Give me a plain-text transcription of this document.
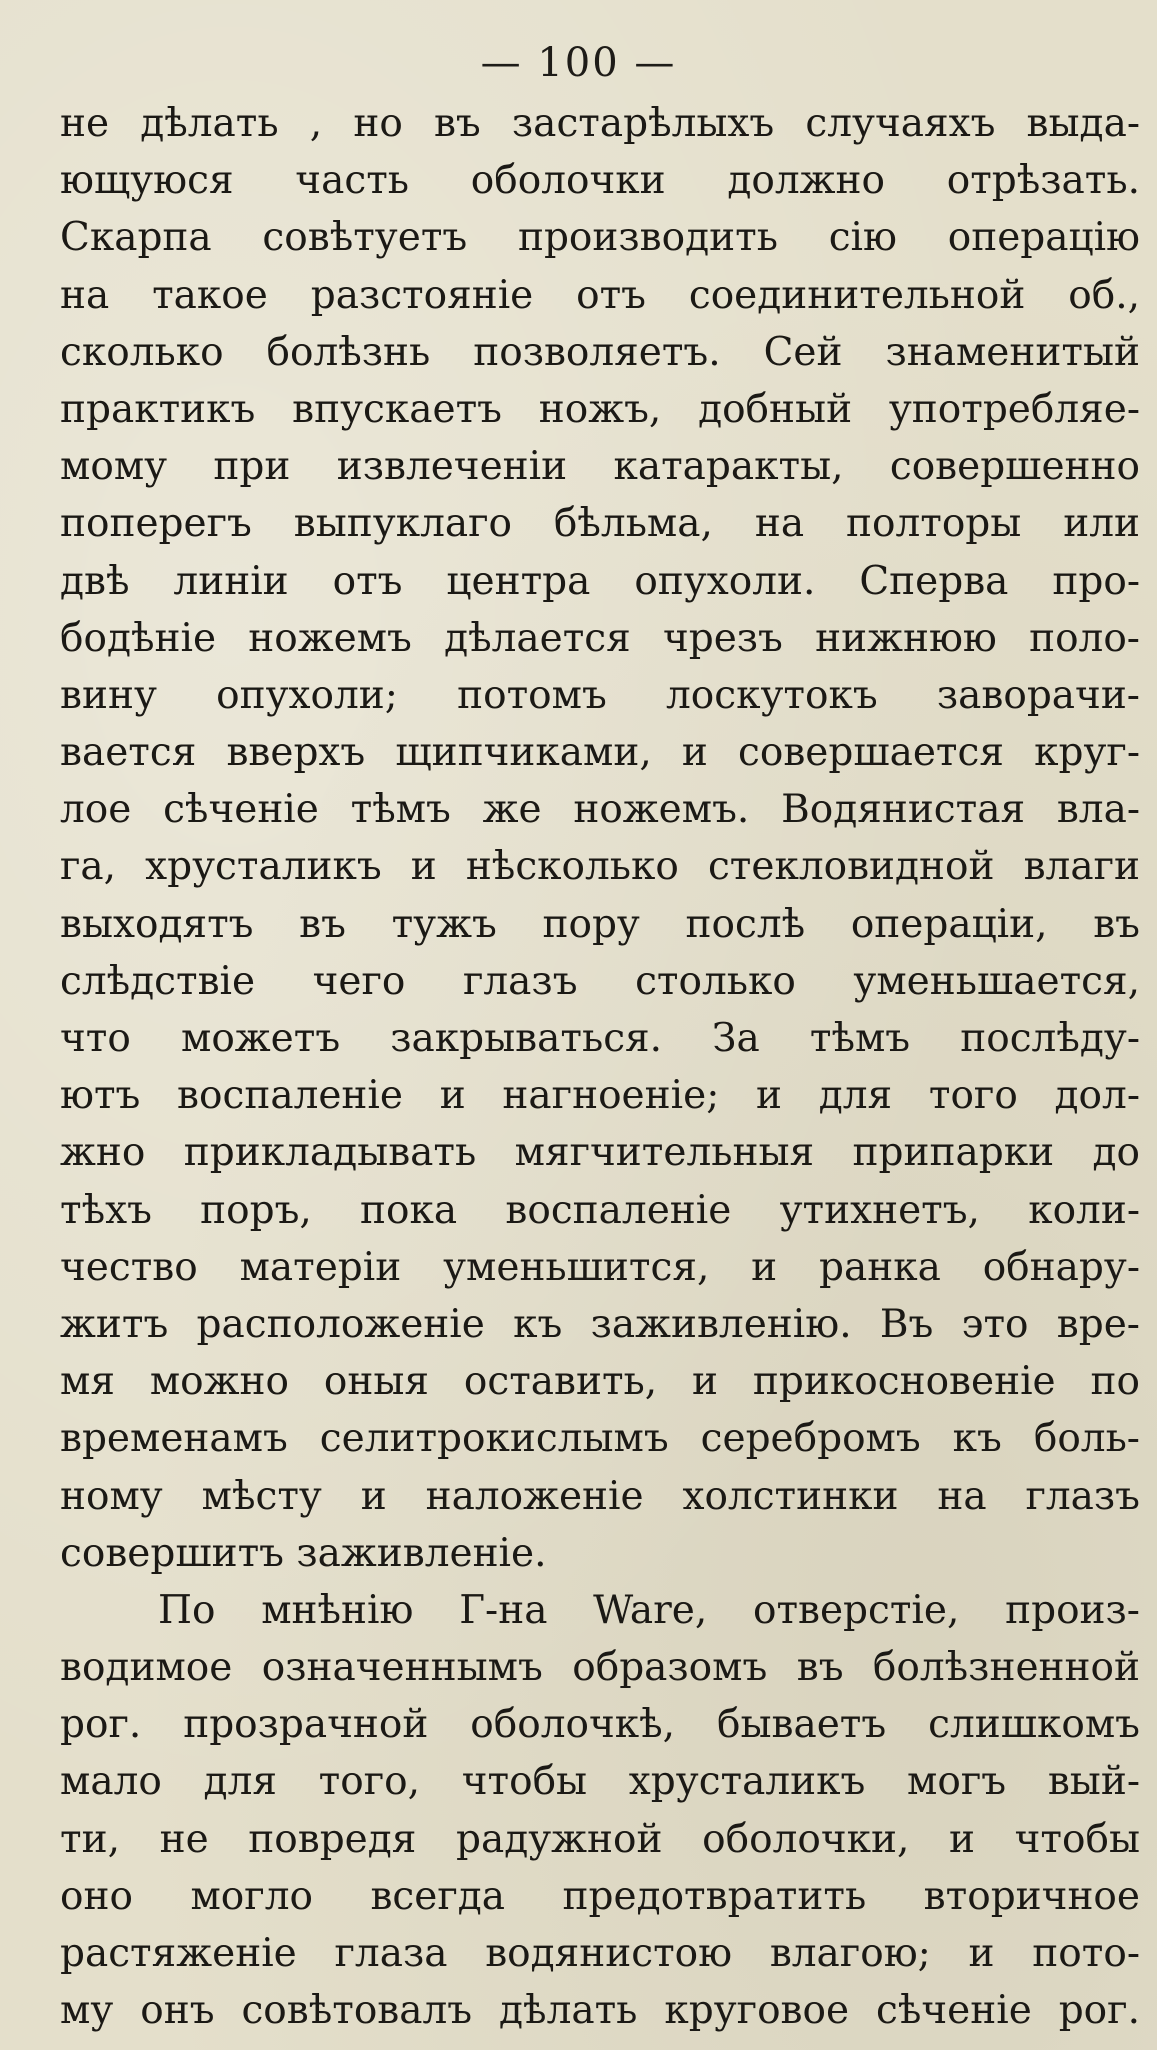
— 100 —
не дѣлать , но въ застарѣлыхъ случаяхъ выда-
ющуюся часть оболочки должно отрѣзать.
Скарпа совѣтуетъ производить сію операцію
на такое разстояніе отъ соединительной об.,
сколько болѣзнь позволяетъ. Сей знаменитый
практикъ впускаетъ ножъ, добный употребляе-
мому при извлеченіи катаракты, совершенно
поперегъ выпуклаго бѣльма, на полторы или
двѣ линіи отъ центра опухоли. Сперва про-
бодѣніе ножемъ дѣлается чрезъ нижнюю поло-
вину опухоли; потомъ лоскутокъ заворачи-
вается вверхъ щипчиками, и совершается круг-
лое сѣченіе тѣмъ же ножемъ. Водянистая вла-
га, хрусталикъ и нѣсколько стекловидной влаги
выходятъ въ тужъ пору послѣ операціи, въ
слѣдствіе чего глазъ столько уменьшается,
что можетъ закрываться. За тѣмъ послѣду-
ютъ воспаленіе и нагноеніе; и для того дол-
жно прикладывать мягчительныя припарки до
тѣхъ поръ, пока воспаленіе утихнетъ, коли-
чество матеріи уменьшится, и ранка обнару-
житъ расположеніе къ заживленію. Въ это вре-
мя можно оныя оставить, и прикосновеніе по
временамъ селитрокислымъ серебромъ къ боль-
ному мѣсту и наложеніе холстинки на глазъ
совершитъ заживленіе.
По мнѣнію Г-на Ware, отверстіе, произ-
водимое означеннымъ образомъ въ болѣзненной
рог. прозрачной оболочкѣ, бываетъ слишкомъ
мало для того, чтобы хрусталикъ могъ вый-
ти, не повредя радужной оболочки, и чтобы
оно могло всегда предотвратить вторичное
растяженіе глаза водянистою влагою; и пото-
му онъ совѣтовалъ дѣлать круговое сѣченіе рог.
